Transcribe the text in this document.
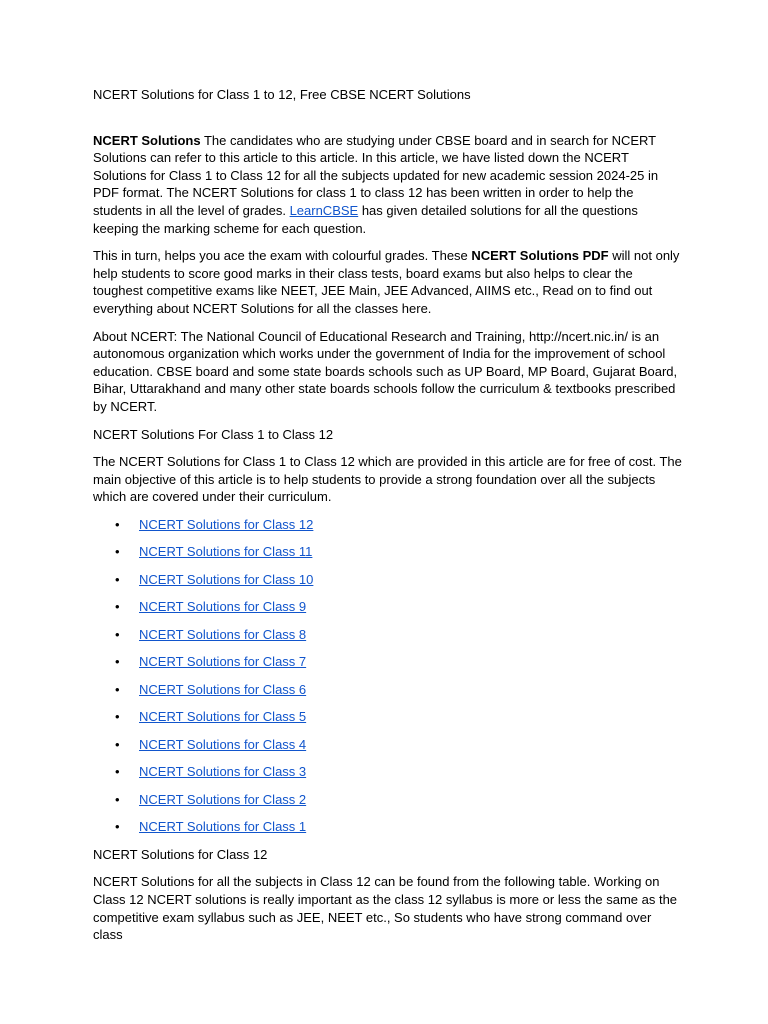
NCERT Solutions for Class 1 to 12, Free CBSE NCERT Solutions

NCERT Solutions The candidates who are studying under CBSE board and in search for NCERT Solutions can refer to this article to this article. In this article, we have listed down the NCERT Solutions for Class 1 to Class 12 for all the subjects updated for new academic session 2024-25 in PDF format. The NCERT Solutions for class 1 to class 12 has been written in order to help the students in all the level of grades. LearnCBSE has given detailed solutions for all the questions keeping the marking scheme for each question.

This in turn, helps you ace the exam with colourful grades. These NCERT Solutions PDF will not only help students to score good marks in their class tests, board exams but also helps to clear the toughest competitive exams like NEET, JEE Main, JEE Advanced, AIIMS etc., Read on to find out everything about NCERT Solutions for all the classes here.

About NCERT: The National Council of Educational Research and Training, http://ncert.nic.in/ is an autonomous organization which works under the government of India for the improvement of school education. CBSE board and some state boards schools such as UP Board, MP Board, Gujarat Board, Bihar, Uttarakhand and many other state boards schools follow the curriculum & textbooks prescribed by NCERT.

NCERT Solutions For Class 1 to Class 12

The NCERT Solutions for Class 1 to Class 12 which are provided in this article are for free of cost. The main objective of this article is to help students to provide a strong foundation over all the subjects which are covered under their curriculum.

• NCERT Solutions for Class 12
• NCERT Solutions for Class 11
• NCERT Solutions for Class 10
• NCERT Solutions for Class 9
• NCERT Solutions for Class 8
• NCERT Solutions for Class 7
• NCERT Solutions for Class 6
• NCERT Solutions for Class 5
• NCERT Solutions for Class 4
• NCERT Solutions for Class 3
• NCERT Solutions for Class 2
• NCERT Solutions for Class 1

NCERT Solutions for Class 12

NCERT Solutions for all the subjects in Class 12 can be found from the following table. Working on Class 12 NCERT solutions is really important as the class 12 syllabus is more or less the same as the competitive exam syllabus such as JEE, NEET etc., So students who have strong command over class
